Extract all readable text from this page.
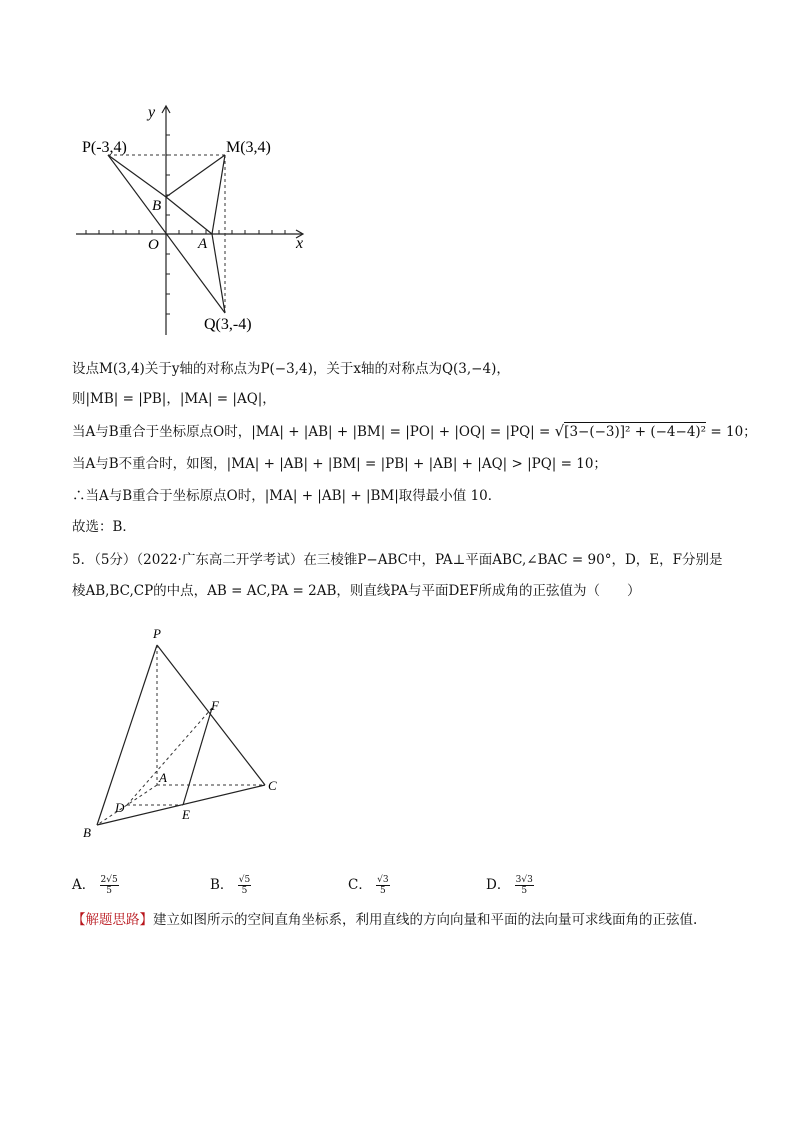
y
x
O
P(-3,4)	M(3,4)
Q(3,-4)
A
B
设点M(3,4)关于y轴的对称点为P(−3,4)，关于x轴的对称点为Q(3,−4)，
则|MB| = |PB|，|MA| = |AQ|，
当A与B重合于坐标原点O时，|MA| + |AB| + |BM| = |PO| + |OQ| = |PQ| = √[3−(−3)]² + (−4−4)² = 10；
当A与B不重合时，如图，|MA| + |AB| + |BM| = |PB| + |AB| + |AQ| > |PQ| = 10；
∴当A与B重合于坐标原点O时，|MA| + |AB| + |BM|取得最小值 10．
故选：B．
5．（5分）（2022·广东高二开学考试）在三棱锥P−ABC中，PA⊥平面ABC,∠BAC = 90°，D，E，F分别是
棱AB,BC,CP的中点，AB = AC,PA = 2AB，则直线PA与平面DEF所成角的正弦值为（　　）
P
A
B
C
D	E
F
A． $\frac{2√5}{5}$	B． $\frac{√5}{5}$	C． $\frac{√3}{5}$	D． $\frac{3√3}{5}$
【解题思路】建立如图所示的空间直角坐标系，利用直线的方向向量和平面的法向量可求线面角的正弦值.
